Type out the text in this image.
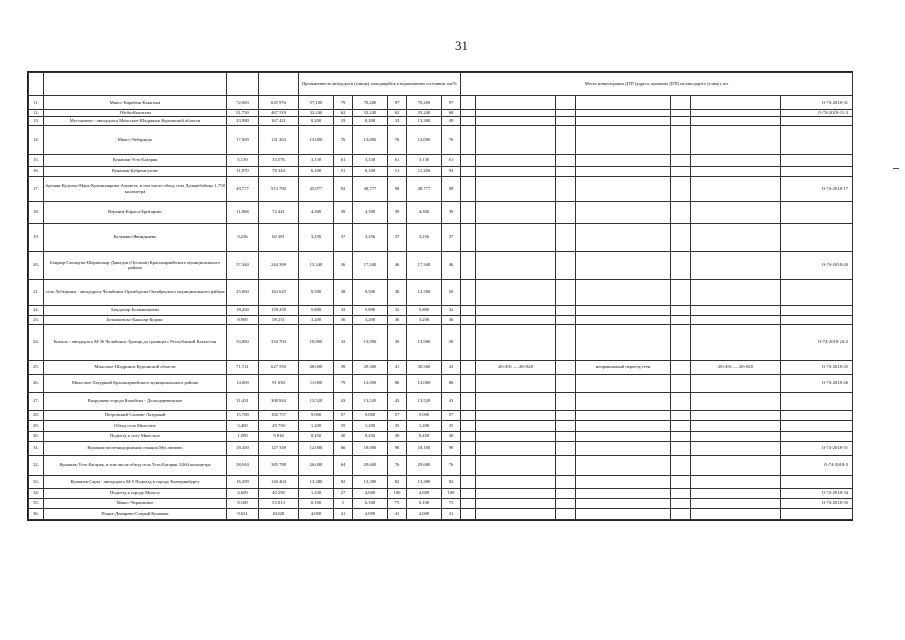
31
				Протяженность автодороги (улицы), находящейся в нормативном состоянии, км/%						Места концентрации ДТП (адреса, причины ДТП) на автодороге (улице), шт						
11.	Миасс-Карабаш-Кыштым	72,683	635 976	57,100	79	70,200	97	70,200	97							О-74-2018-31
12.	Уйсбн-Кыштым	51,750	467 519	32,240	62	32,240	62	35,240	68							О-74-2018-11-3
13.	Мустакаево - автодорога Миасское-Шадринск Курганской области	23,980	167 421	8,200	33	8,200	33	13,300	49							
14.	Миасс-Чебаркуль	17,000	131 263	13,000	76	13,000	76	13,000	76							
15.	Кунашак-Усть-Багаряк	5,130	33 576	3,130	61	3,130	61	3,130	61							
16.	Кунашак-Бабремгулово	11,970	78 344	6,100	51	6,100	51	11,200	93							
17.	Аргаяш-Кулуево-Маук-Кульмилярово-Альмета, в том числе обход села Дальнебабино 1,758 километра	49,777	513 790	45,977	92	48,777	98	48,777	98							О-74-2018-17
18.	Верхние Караси-Бритарово	11,068	72 441	4,300	39	4,300	39	4,300	39							
19.	Кулукаво-Явиндкаево	9,236	60 381	3,256	37	3,256	37	3,256	37							
20.	Бокрыр-Сагнадзы-Шаршилыр-Давыдов (Лугонов) Красноармейского муниципального района	37,340	244 399	13,340	36	17,340	46	17,340	46							О-74-2018-20
21.	село Лебединка - автодорога Челябинск-Оренбурска Октябрьского муниципального района	25,000	163 625	9,500	38	9,500	38	12,500	50							
22.	Бокдагыр-Бозмакичнева	18,200	159 250	5,800	32	5,800	32	5,800	32							
23.	Бекаоковско-Бакалар-Коракс	8,900	58 251	3,200	36	3,200	36	3,200	36							
24.	Копаск - автодорога М-36 Челябинск-Троицк до границы с Республикой Казахстан	33,860	334 704	10,900	32	13,900	39	13,900	39							О-74-2018-24-2
25.	Миасское-Шадринск Курганской области	71,721	627 559	28,000	39	29,300	41	30,560	43		28+491 — 28+820		неправильный переезд/стен		28+491 — 28+820	О-74-2018-25
26.	Миасское-Лазурный Красноармейского муниципального района	14,000	91 630	11,000	79	12,000	86	12,000	86							О-74-2018-26
27.	Вахрушево города Копейска - Долгодеревенское	31,431	308 844	13,520	43	13,520	43	13,520	43							
28.	Петровский-Сычево-Лазурный	15,700	102 757	9,000	57	9,000	57	9,000	57							
29.	Обход села Миасское	3,400	29 750	1,200	35	1,200	35	1,200	35							
30.	Подъезд к селу Миасское	1,500	9 818	0,450	30	0,450	30	0,450	30							
31.	Кунашак-железнодорожная станция Муслюмово	18,450	127 339	12,000	66	18,000	98	18,100	98							О-74-2018-31
32.	Кунашак-Усть-Багаряк, в том числе обход села Усть-Багаряк 3,064 километра	38,944	385 788	26,000	64	29,600	76	29,600	76							О-74-2018-3
33.	Кунашак-Сары - автодорога М-5 Подъезд к городу Екатеринбургу	16,299	140 404	13,380	82	13,380	82	13,380	82							
34.	Подъезд к городу Миассу	4,600	40 250	1,230	27	4,600	100	4,600	100							О-74-2018-34
35.	Миасс-Черновское	8,100	53 013	0,100	1	6,100	75	6,100	75							О-74-2018-35
36.	Плант-Донарево-Старый Кунашак	9,631	63428	4,000	41	4,000	41	4,000	41							
